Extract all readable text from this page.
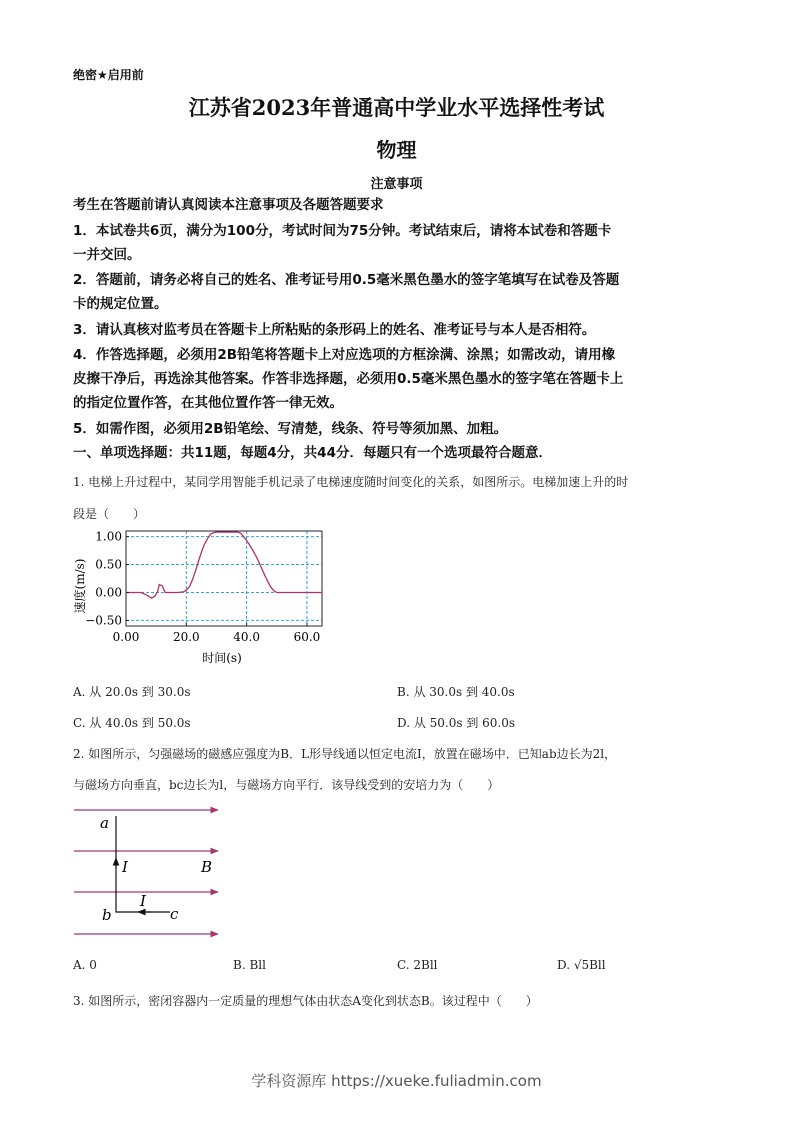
绝密★启用前
江苏省2023年普通高中学业水平选择性考试
物理
注意事项
考生在答题前请认真阅读本注意事项及各题答题要求
1．本试卷共6页，满分为100分，考试时间为75分钟。考试结束后，请将本试卷和答题卡
一并交回。
2．答题前，请务必将自己的姓名、准考证号用0.5毫米黑色墨水的签字笔填写在试卷及答题
卡的规定位置。
3．请认真核对监考员在答题卡上所粘贴的条形码上的姓名、准考证号与本人是否相符。
4．作答选择题，必须用2B铅笔将答题卡上对应选项的方框涂满、涂黑；如需改动，请用橡
皮擦干净后，再选涂其他答案。作答非选择题，必须用0.5毫米黑色墨水的签字笔在答题卡上
的指定位置作答，在其他位置作答一律无效。
5．如需作图，必须用2B铅笔绘、写清楚，线条、符号等须加黑、加粗。
一、单项选择题：共11题，每题4分，共44分．每题只有一个选项最符合题意．
1. 电梯上升过程中，某同学用智能手机记录了电梯速度随时间变化的关系，如图所示。电梯加速上升的时
段是（　　）
0.00	20.0	40.0	60.0
1.00
0.50
0.00
−0.50
时间(s)
速度(m/s)
A. 从 20.0s 到 30.0s	B. 从 30.0s 到 40.0s
C. 从 40.0s 到 50.0s	D. 从 50.0s 到 60.0s
2. 如图所示，匀强磁场的磁感应强度为B．L形导线通以恒定电流I，放置在磁场中．已知ab边长为2l，
与磁场方向垂直，bc边长为l，与磁场方向平行．该导线受到的安培力为（　　）
a
I	B
I
b	c
A. 0	B. Bll	C. 2Bll	D. √5Bll
3. 如图所示，密闭容器内一定质量的理想气体由状态A变化到状态B。该过程中（　　）
学科资源库 https://xueke.fuliadmin.com
